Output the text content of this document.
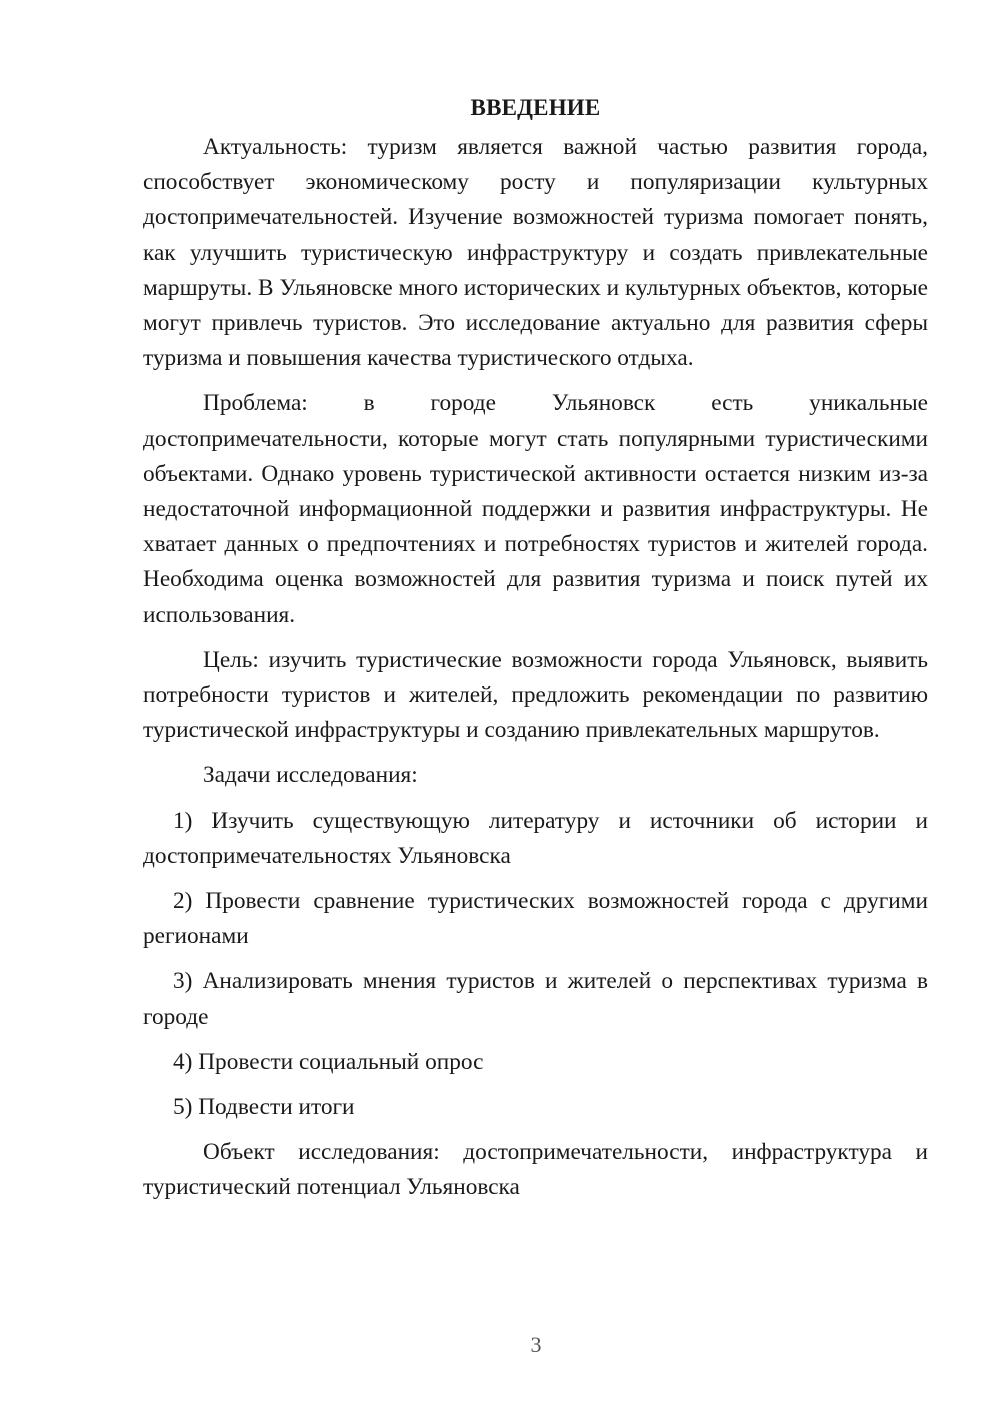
ВВЕДЕНИЕ

Актуальность: туризм является важной частью развития города, способствует экономическому росту и популяризации культурных достопримечательностей. Изучение возможностей туризма помогает понять, как улучшить туристическую инфраструктуру и создать привлекательные маршруты. В Ульяновске много исторических и культурных объектов, которые могут привлечь туристов. Это исследование актуально для развития сферы туризма и повышения качества туристического отдыха.

Проблема: в городе Ульяновск есть уникальные достопримечательности, которые могут стать популярными туристическими объектами. Однако уровень туристической активности остается низким из-за недостаточной информационной поддержки и развития инфраструктуры. Не хватает данных о предпочтениях и потребностях туристов и жителей города. Необходима оценка возможностей для развития туризма и поиск путей их использования.

Цель: изучить туристические возможности города Ульяновск, выявить потребности туристов и жителей, предложить рекомендации по развитию туристической инфраструктуры и созданию привлекательных маршрутов.

Задачи исследования:

1) Изучить существующую литературу и источники об истории и достопримечательностях Ульяновска

2) Провести сравнение туристических возможностей города с другими регионами

3) Анализировать мнения туристов и жителей о перспективах туризма в городе

4) Провести социальный опрос

5) Подвести итоги

Объект исследования: достопримечательности, инфраструктура и туристический потенциал Ульяновска

3
